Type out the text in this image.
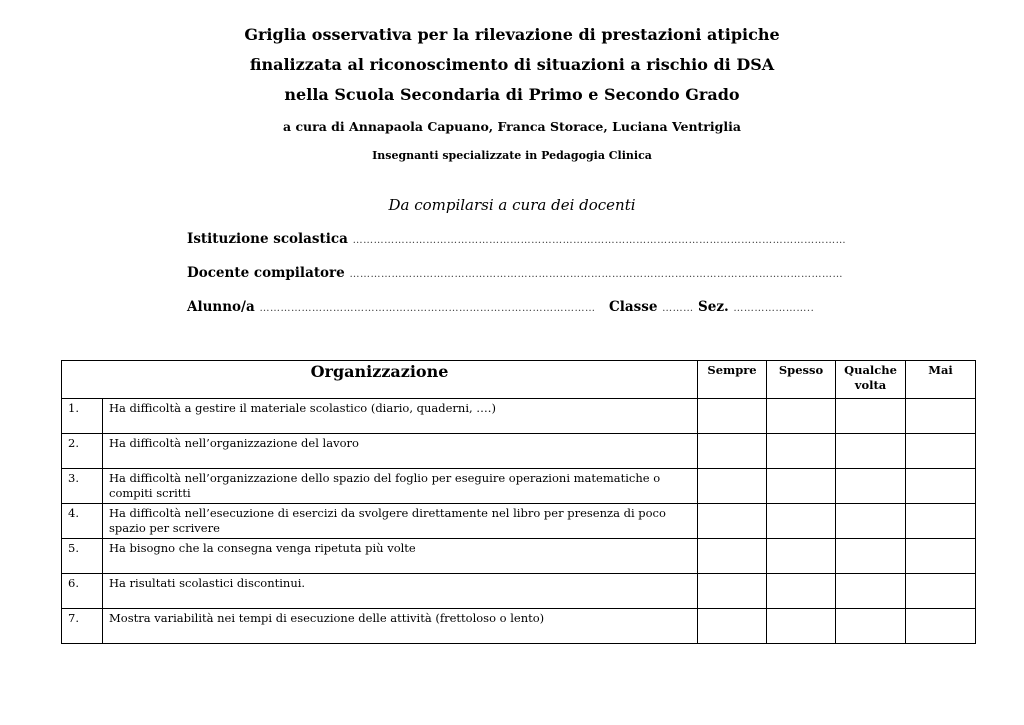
Griglia osservativa per la rilevazione di prestazioni atipiche
finalizzata al riconoscimento di situazioni a rischio di DSA
nella Scuola Secondaria di Primo e Secondo Grado
a cura di Annapaola Capuano, Franca Storace, Luciana Ventriglia
Insegnanti specializzate in Pedagogia Clinica
Da compilarsi a cura dei docenti
Istituzione scolastica ……………………………………………………………………………………………………………………………
Docente compilatore ……………………………………………………………………………………………………………………………
Alunno/a …………………………………………………………………………………… Classe ……… Sez. …………………..
Organizzazione		Sempre	Spesso	Qualche volta	Mai
1.	Ha difficoltà a gestire il materiale scolastico (diario, quaderni, ….)				
2.	Ha difficoltà nell’organizzazione del lavoro				
3.	Ha difficoltà nell’organizzazione dello spazio del foglio per eseguire operazioni matematiche o compiti scritti				
4.	Ha difficoltà nell’esecuzione di esercizi da svolgere direttamente nel libro per presenza di poco spazio per scrivere				
5.	Ha bisogno che la consegna venga ripetuta più volte				
6.	Ha risultati scolastici discontinui.				
7.	Mostra variabilità nei tempi di esecuzione delle attività (frettoloso o lento)				
